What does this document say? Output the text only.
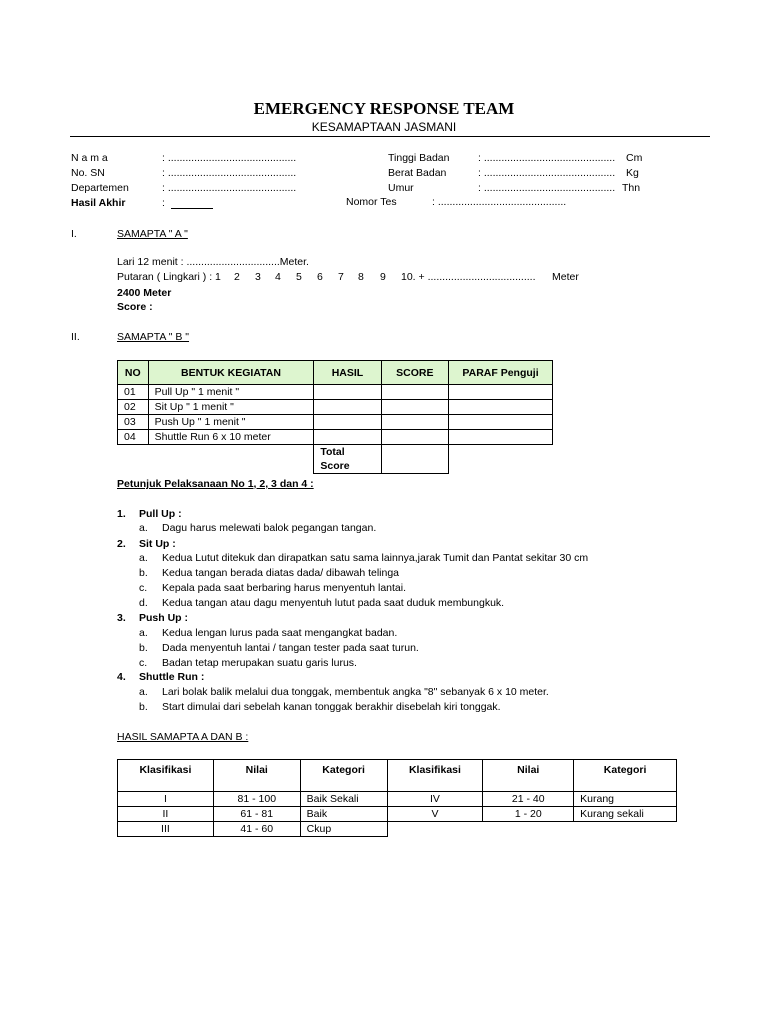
EMERGENCY RESPONSE TEAM
KESAMAPTAAN JASMANI
N a m a	: ............................................
No. SN	: ............................................
Departemen	: ............................................
Hasil Akhir	:
Tinggi Badan	: ............................................. Cm
Berat Badan	: ............................................. Kg
Umur	: ............................................. Thn
Nomor Tes	: ............................................
I.	SAMAPTA " A "
Lari 12 menit : ................................Meter.
Putaran ( Lingkari ) : 1 2 3 4 5 6 7 8 9 10. + ..................................... Meter
2400 Meter
Score :
II.	SAMAPTA " B "
NO	BENTUK KEGIATAN	HASIL	SCORE	PARAF Penguji
01	Pull Up " 1 menit "			
02	Sit Up " 1 menit "			
03	Push Up " 1 menit "			
04	Shuttle Run 6 x 10 meter			
		Total Score		
Petunjuk Pelaksanaan No 1, 2, 3 dan 4 :
1. Pull Up :
a. Dagu harus melewati balok pegangan tangan.
2. Sit Up :
a. Kedua Lutut ditekuk dan dirapatkan satu sama lainnya,jarak Tumit dan Pantat sekitar 30 cm
b. Kedua tangan berada diatas dada/ dibawah telinga
c. Kepala pada saat berbaring harus menyentuh lantai.
d. Kedua tangan atau dagu menyentuh lutut pada saat duduk membungkuk.
3. Push Up :
a. Kedua lengan lurus pada saat mengangkat badan.
b. Dada menyentuh lantai / tangan tester pada saat turun.
c. Badan tetap merupakan suatu garis lurus.
4. Shuttle Run :
a. Lari bolak balik melalui dua tonggak, membentuk angka "8" sebanyak 6 x 10 meter.
b. Start dimulai dari sebelah kanan tonggak berakhir disebelah kiri tonggak.
HASIL SAMAPTA A DAN B :
Klasifikasi	Nilai	Kategori	Klasifikasi	Nilai	Kategori
I	81 - 100	Baik Sekali	IV	21 - 40	Kurang
II	61 - 81	Baik	V	1 - 20	Kurang sekali
III	41 - 60	Ckup			
